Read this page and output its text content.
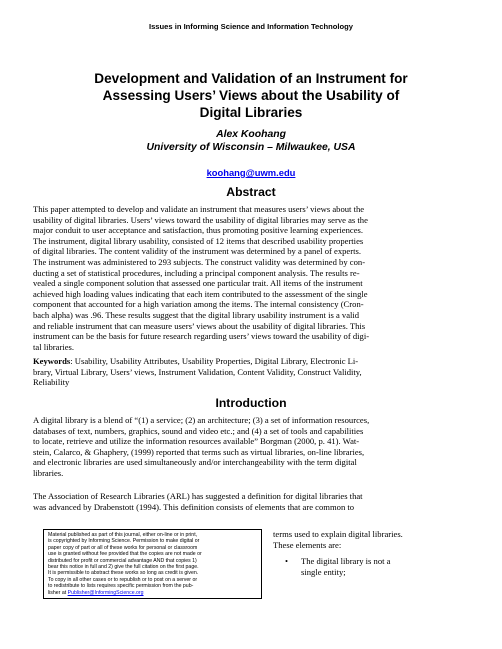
Issues in Informing Science and Information Technology
Development and Validation of an Instrument for
Assessing Users’ Views about the Usability of
Digital Libraries
Alex Koohang
University of Wisconsin – Milwaukee, USA
koohang@uwm.edu
Abstract
This paper attempted to develop and validate an instrument that measures users’ views about the
usability of digital libraries. Users’ views toward the usability of digital libraries may serve as the
major conduit to user acceptance and satisfaction, thus promoting positive learning experiences.
The instrument, digital library usability, consisted of 12 items that described usability properties
of digital libraries. The content validity of the instrument was determined by a panel of experts.
The instrument was administered to 293 subjects. The construct validity was determined by con-
ducting a set of statistical procedures, including a principal component analysis. The results re-
vealed a single component solution that assessed one particular trait. All items of the instrument
achieved high loading values indicating that each item contributed to the assessment of the single
component that accounted for a high variation among the items. The internal consistency (Cron-
bach alpha) was .96. These results suggest that the digital library usability instrument is a valid
and reliable instrument that can measure users’ views about the usability of digital libraries. This
instrument can be the basis for future research regarding users’ views toward the usability of digi-
tal libraries.
Keywords: Usability, Usability Attributes, Usability Properties, Digital Library, Electronic Li-
brary, Virtual Library, Users’ views, Instrument Validation, Content Validity, Construct Validity,
Reliability
Introduction
A digital library is a blend of “(1) a service; (2) an architecture; (3) a set of information resources,
databases of text, numbers, graphics, sound and video etc.; and (4) a set of tools and capabilities
to locate, retrieve and utilize the information resources available” Borgman (2000, p. 41). Wat-
stein, Calarco, & Ghaphery, (1999) reported that terms such as virtual libraries, on-line libraries,
and electronic libraries are used simultaneously and/or interchangeability with the term digital
libraries.
The Association of Research Libraries (ARL) has suggested a definition for digital libraries that
was advanced by Drabenstott (1994). This definition consists of elements that are common to
Material published as part of this journal, either on-line or in print,
is copyrighted by Informing Science. Permission to make digital or
paper copy of part or all of these works for personal or classroom
use is granted without fee provided that the copies are not made or
distributed for profit or commercial advantage AND that copies 1)
bear this notice in full and 2) give the full citation on the first page.
It is permissible to abstract these works so long as credit is given.
To copy in all other cases or to republish or to post on a server or
to redistribute to lists requires specific permission from the pub-
lisher at Publisher@InformingScience.org
terms used to explain digital libraries.
These elements are:
• The digital library is not a
single entity;
